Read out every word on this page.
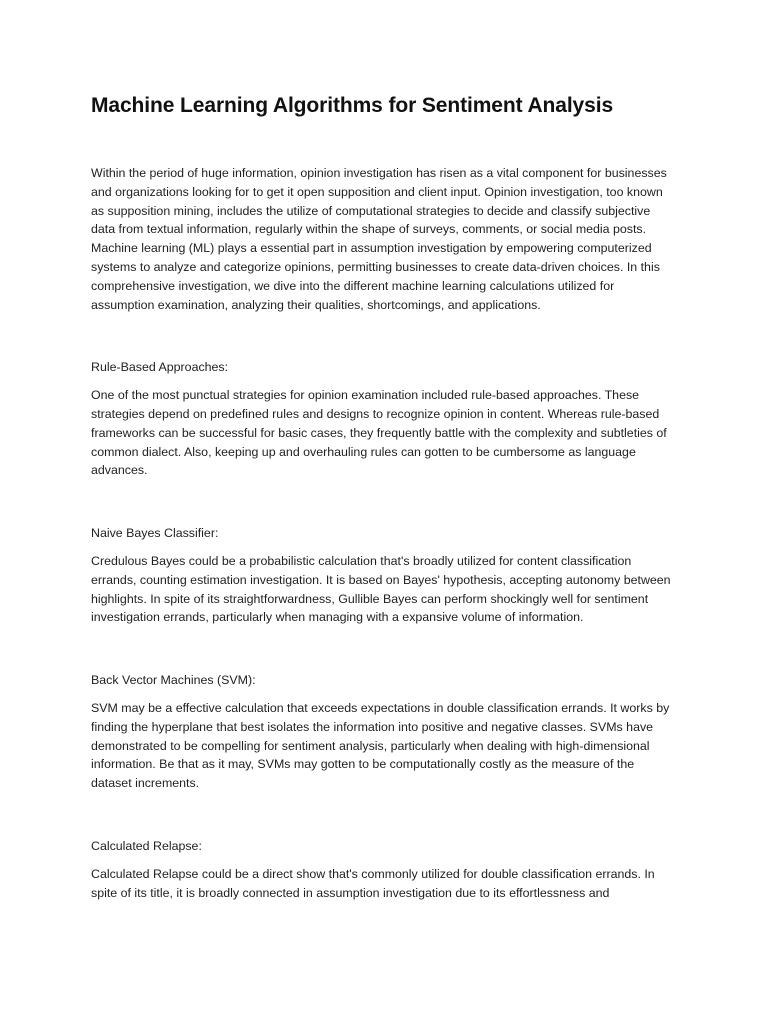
Machine Learning Algorithms for Sentiment Analysis

Within the period of huge information, opinion investigation has risen as a vital component for businesses and organizations looking for to get it open supposition and client input. Opinion investigation, too known as supposition mining, includes the utilize of computational strategies to decide and classify subjective data from textual information, regularly within the shape of surveys, comments, or social media posts. Machine learning (ML) plays a essential part in assumption investigation by empowering computerized systems to analyze and categorize opinions, permitting businesses to create data-driven choices. In this comprehensive investigation, we dive into the different machine learning calculations utilized for assumption examination, analyzing their qualities, shortcomings, and applications.

Rule-Based Approaches:

One of the most punctual strategies for opinion examination included rule-based approaches. These strategies depend on predefined rules and designs to recognize opinion in content. Whereas rule-based frameworks can be successful for basic cases, they frequently battle with the complexity and subtleties of common dialect. Also, keeping up and overhauling rules can gotten to be cumbersome as language advances.

Naive Bayes Classifier:

Credulous Bayes could be a probabilistic calculation that's broadly utilized for content classification errands, counting estimation investigation. It is based on Bayes' hypothesis, accepting autonomy between highlights. In spite of its straightforwardness, Gullible Bayes can perform shockingly well for sentiment investigation errands, particularly when managing with a expansive volume of information.

Back Vector Machines (SVM):

SVM may be a effective calculation that exceeds expectations in double classification errands. It works by finding the hyperplane that best isolates the information into positive and negative classes. SVMs have demonstrated to be compelling for sentiment analysis, particularly when dealing with high-dimensional information. Be that as it may, SVMs may gotten to be computationally costly as the measure of the dataset increments.

Calculated Relapse:

Calculated Relapse could be a direct show that's commonly utilized for double classification errands. In spite of its title, it is broadly connected in assumption investigation due to its effortlessness and
